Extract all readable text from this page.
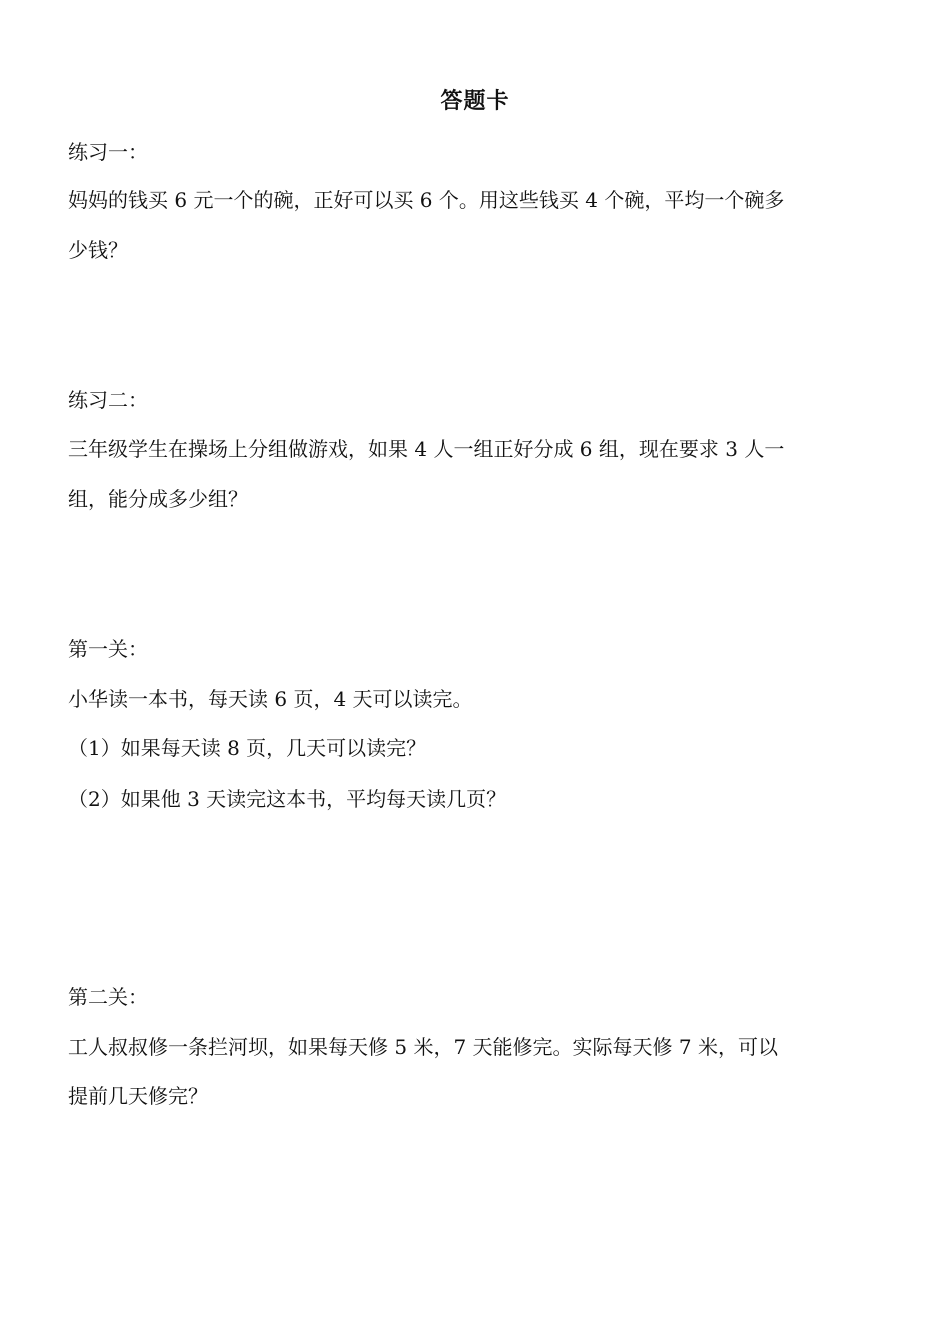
答题卡
练习一：
妈妈的钱买 6 元一个的碗，正好可以买 6 个。用这些钱买 4 个碗，平均一个碗多
少钱？
练习二：
三年级学生在操场上分组做游戏，如果 4 人一组正好分成 6 组，现在要求 3 人一
组，能分成多少组？
第一关：
小华读一本书，每天读 6 页，4 天可以读完。
（1）如果每天读 8 页，几天可以读完？
（2）如果他 3 天读完这本书，平均每天读几页？
第二关：
工人叔叔修一条拦河坝，如果每天修 5 米，7 天能修完。实际每天修 7 米，可以
提前几天修完？
